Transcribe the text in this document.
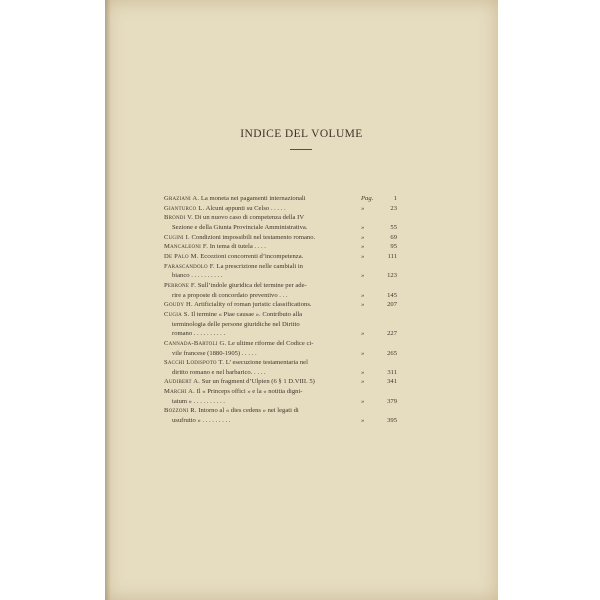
INDICE DEL VOLUME
Graziani A. La moneta nei pagamenti internazionali	Pag.	1
Gianturco L. Alcuni appunti su Celso . . . . .	»	23
Brondi V. Di un nuovo caso di competenza della IV
Sezione e della Giunta Provinciale Amministrativa.	»	55
Cugini I. Condizioni impossibili nel testamento romano.	»	69
Mancaleoni F. In tema di tutela . . . .	»	95
De Palo M. Eccezioni concorrenti d’incompetenza.	»	111
Farascandolo F. La prescrizione nelle cambiali in
bianco . . . . . . . . . .	»	123
Perrone F. Sull’indole giuridica del termine per ade-
rire a proposte di concordato preventivo . . .	»	145
Goudy H. Artificiality of roman juristic classifications.	»	207
Cugia S. Il termine « Piae causae ». Contributo alla
terminologia delle persone giuridiche nel Diritto
romano . . . . . . . . . .	»	227
Cannada-Bartoli G. Le ultime riforme del Codice ci-
vile francese (1880-1905) . . . . .	»	265
Sacchi Lodispoto T. L’ esecuzione testamentaria nel
diritto romano e nel barbarico. . . . .	»	311
Audibert A. Sur un fragment d’Ulpien (6 § 1 D.VIII. 5)	»	341
Marchi A. Il « Princeps offici » e la « notitia digni-
tatum » . . . . . . . . . .	»	379
Bozzoni R. Intorno al « dies cedens » nei legati di
usufrutto » . . . . . . . . .	»	395
